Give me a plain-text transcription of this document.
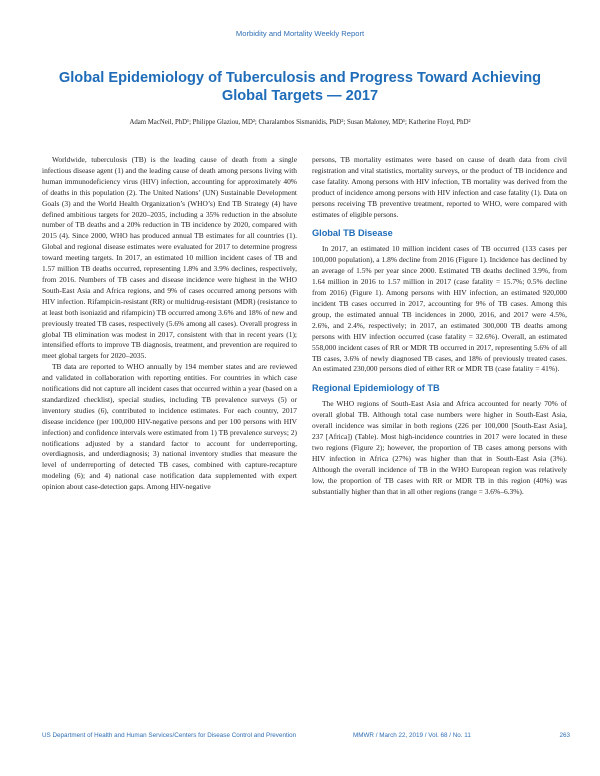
Morbidity and Mortality Weekly Report
Global Epidemiology of Tuberculosis and Progress Toward Achieving Global Targets — 2017
Adam MacNeil, PhD¹; Philippe Glaziou, MD²; Charalambos Sismanidis, PhD²; Susan Maloney, MD¹; Katherine Floyd, PhD²

Worldwide, tuberculosis (TB) is the leading cause of death from a single infectious disease agent (1) and the leading cause of death among persons living with human immunodeficiency virus (HIV) infection, accounting for approximately 40% of deaths in this population (2). The United Nations’ (UN) Sustainable Development Goals (3) and the World Health Organization’s (WHO’s) End TB Strategy (4) have defined ambitious targets for 2020–2035, including a 35% reduction in the absolute number of TB deaths and a 20% reduction in TB incidence by 2020, compared with 2015 (4). Since 2000, WHO has produced annual TB estimates for all countries (1). Global and regional disease estimates were evaluated for 2017 to determine progress toward meeting targets. In 2017, an estimated 10 million incident cases of TB and 1.57 million TB deaths occurred, representing 1.8% and 3.9% declines, respectively, from 2016. Numbers of TB cases and disease incidence were highest in the WHO South-East Asia and Africa regions, and 9% of cases occurred among persons with HIV infection. Rifampicin-resistant (RR) or multidrug-resistant (MDR) (resistance to at least both isoniazid and rifampicin) TB occurred among 3.6% and 18% of new and previously treated TB cases, respectively (5.6% among all cases). Overall progress in global TB elimination was modest in 2017, consistent with that in recent years (1); intensified efforts to improve TB diagnosis, treatment, and prevention are required to meet global targets for 2020–2035.

TB data are reported to WHO annually by 194 member states and are reviewed and validated in collaboration with reporting entities. For countries in which case notifications did not capture all incident cases that occurred within a year (based on a standardized checklist), special studies, including TB prevalence surveys (5) or inventory studies (6), contributed to incidence estimates. For each country, 2017 disease incidence (per 100,000 HIV-negative persons and per 100 persons with HIV infection) and confidence intervals were estimated from 1) TB prevalence surveys; 2) notifications adjusted by a standard factor to account for underreporting, overdiagnosis, and underdiagnosis; 3) national inventory studies that measure the level of underreporting of detected TB cases, combined with capture-recapture modeling (6); and 4) national case notification data supplemented with expert opinion about case-detection gaps. Among HIV-negative

persons, TB mortality estimates were based on cause of death data from civil registration and vital statistics, mortality surveys, or the product of TB incidence and case fatality. Among persons with HIV infection, TB mortality was derived from the product of incidence among persons with HIV infection and case fatality (1). Data on persons receiving TB preventive treatment, reported to WHO, were compared with estimates of eligible persons.

Global TB Disease

In 2017, an estimated 10 million incident cases of TB occurred (133 cases per 100,000 population), a 1.8% decline from 2016 (Figure 1). Incidence has declined by an average of 1.5% per year since 2000. Estimated TB deaths declined 3.9%, from 1.64 million in 2016 to 1.57 million in 2017 (case fatality = 15.7%; 0.5% decline from 2016) (Figure 1). Among persons with HIV infection, an estimated 920,000 incident TB cases occurred in 2017, accounting for 9% of TB cases. Among this group, the estimated annual TB incidences in 2000, 2016, and 2017 were 4.5%, 2.6%, and 2.4%, respectively; in 2017, an estimated 300,000 TB deaths among persons with HIV infection occurred (case fatality = 32.6%). Overall, an estimated 558,000 incident cases of RR or MDR TB occurred in 2017, representing 5.6% of all TB cases, 3.6% of newly diagnosed TB cases, and 18% of previously treated cases. An estimated 230,000 persons died of either RR or MDR TB (case fatality = 41%).

Regional Epidemiology of TB

The WHO regions of South-East Asia and Africa accounted for nearly 70% of overall global TB. Although total case numbers were higher in South-East Asia, overall incidence was similar in both regions (226 per 100,000 [South-East Asia], 237 [Africa]) (Table). Most high-incidence countries in 2017 were located in these two regions (Figure 2); however, the proportion of TB cases among persons with HIV infection in Africa (27%) was higher than that in South-East Asia (3%). Although the overall incidence of TB in the WHO European region was relatively low, the proportion of TB cases with RR or MDR TB in this region (40%) was substantially higher than that in all other regions (range = 3.6%–6.3%).

US Department of Health and Human Services/Centers for Disease Control and Prevention	MMWR / March 22, 2019 / Vol. 68 / No. 11	263
